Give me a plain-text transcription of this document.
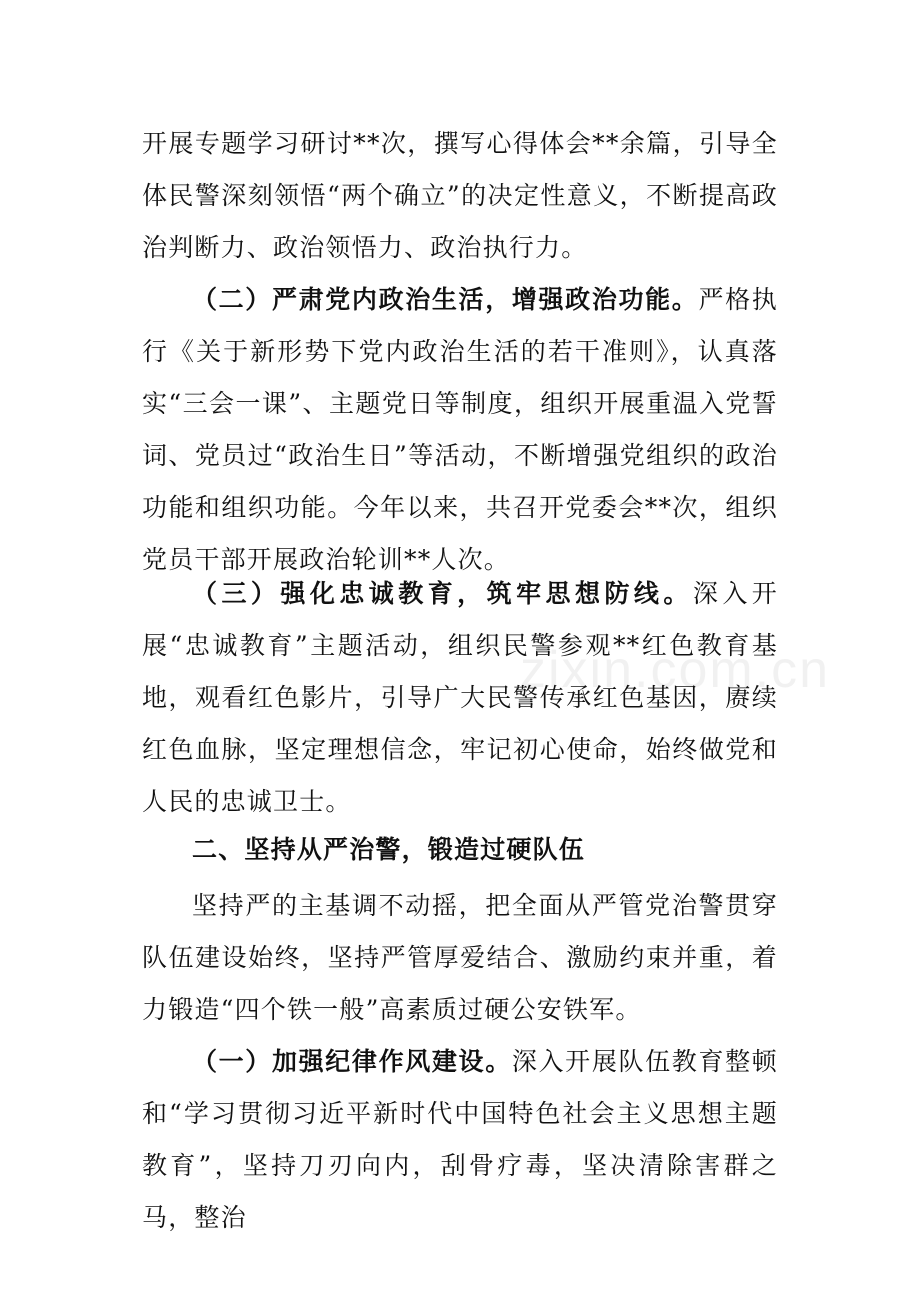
开展专题学习研讨**次，撰写心得体会**余篇，引导全体民警深刻领悟“两个确立”的决定性意义，不断提高政治判断力、政治领悟力、政治执行力。

（二）严肃党内政治生活，增强政治功能。严格执行《关于新形势下党内政治生活的若干准则》，认真落实“三会一课”、主题党日等制度，组织开展重温入党誓词、党员过“政治生日”等活动，不断增强党组织的政治功能和组织功能。今年以来，共召开党委会**次，组织党员干部开展政治轮训**人次。

（三）强化忠诚教育，筑牢思想防线。深入开展“忠诚教育”主题活动，组织民警参观**红色教育基地，观看红色影片，引导广大民警传承红色基因，赓续红色血脉，坚定理想信念，牢记初心使命，始终做党和人民的忠诚卫士。

二、坚持从严治警，锻造过硬队伍

坚持严的主基调不动摇，把全面从严管党治警贯穿队伍建设始终，坚持严管厚爱结合、激励约束并重，着力锻造“四个铁一般”高素质过硬公安铁军。

（一）加强纪律作风建设。深入开展队伍教育整顿和“学习贯彻习近平新时代中国特色社会主义思想主题教育”，坚持刀刃向内，刮骨疗毒，坚决清除害群之马，整治

zixin.com.cn
